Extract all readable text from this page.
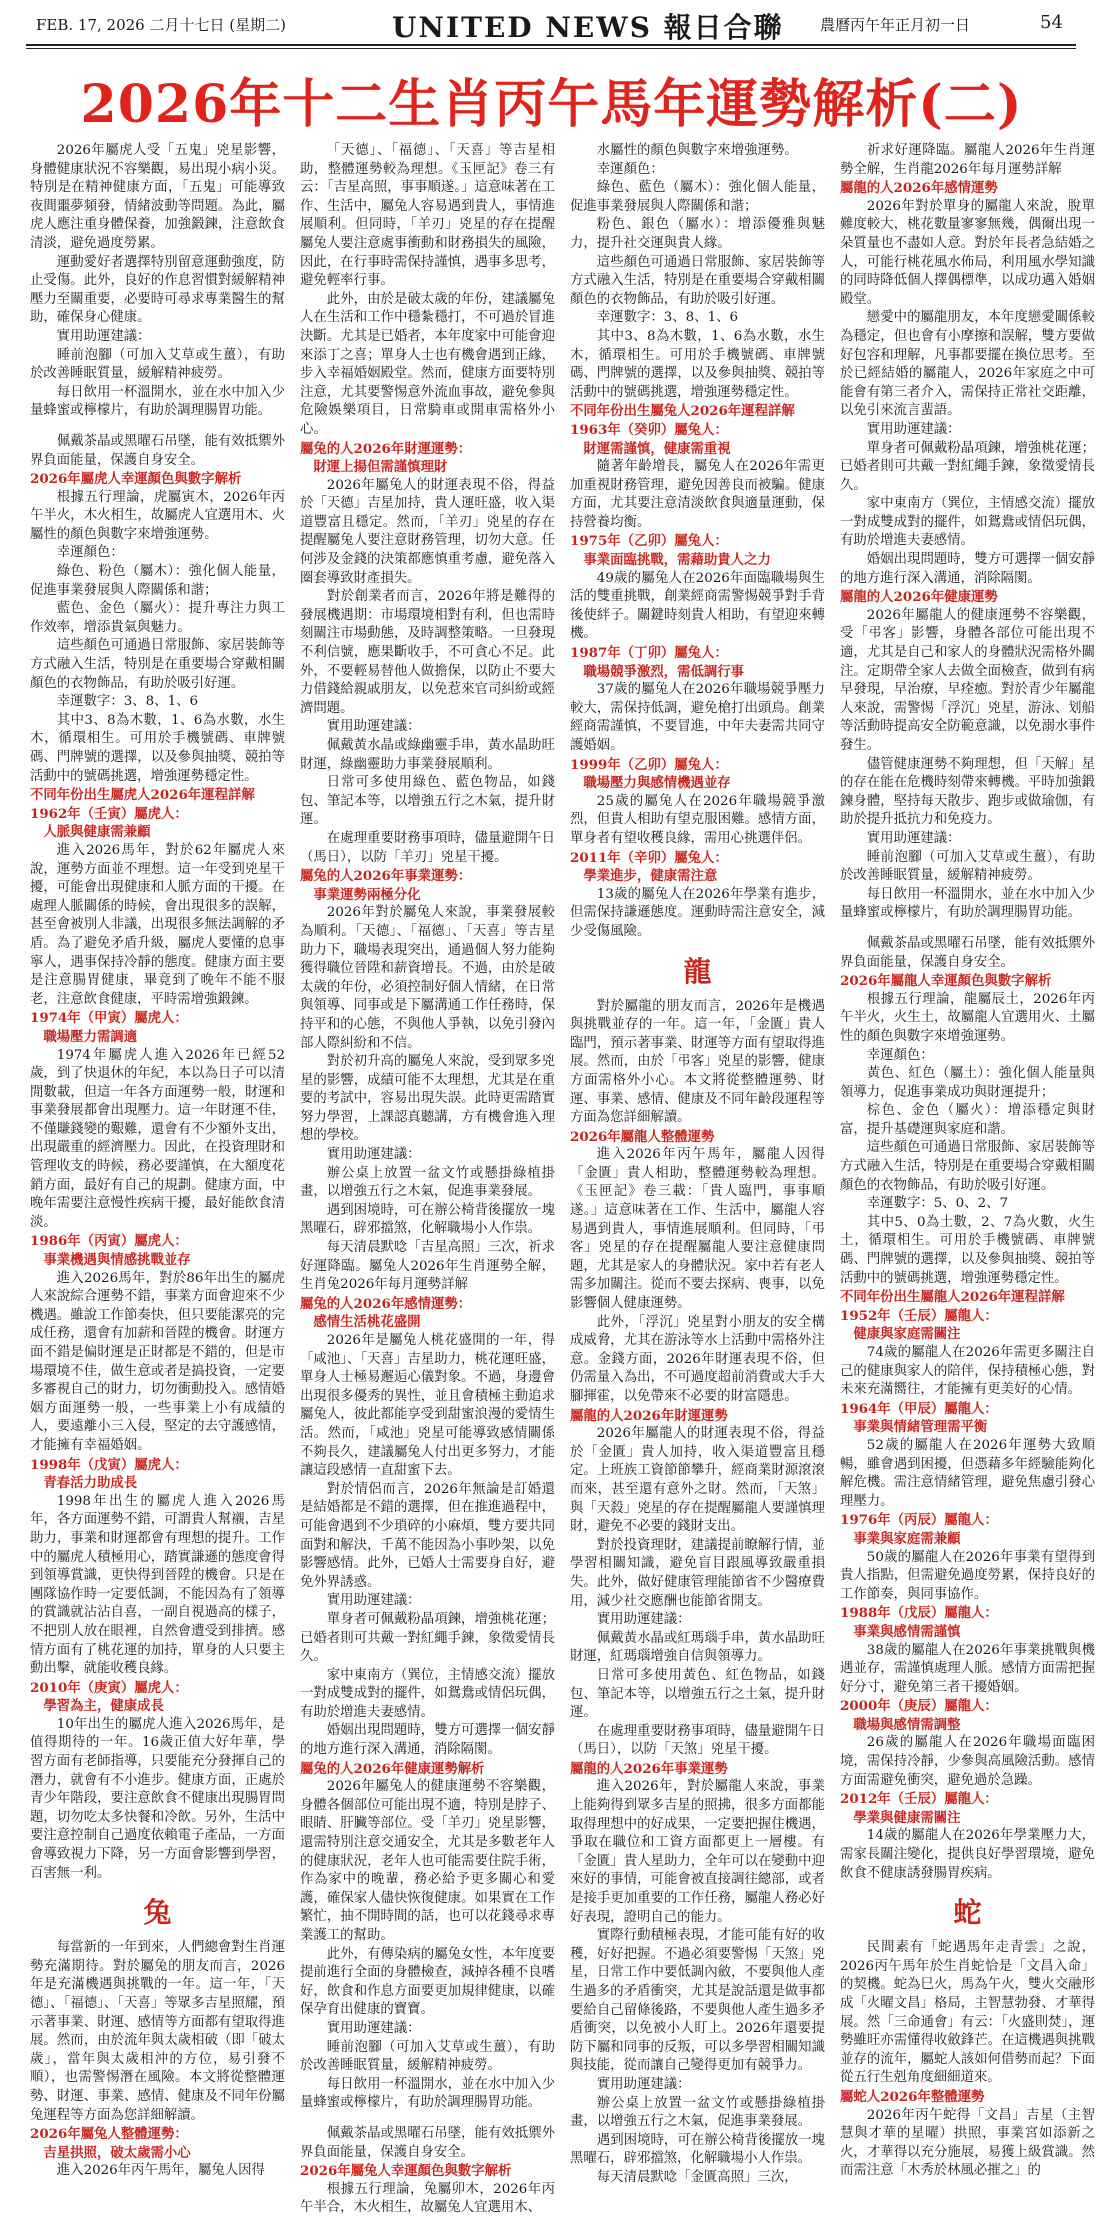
FEB. 17, 2026 二月十七日 (星期二)	UNITED NEWS 報日合聯 農曆丙午年正月初一日	54
2026年十二生肖丙午馬年運勢解析(二)

2026年屬虎人受「五鬼」兇星影響，身體健康狀況不容樂觀，易出現小病小災。特別是在精神健康方面，「五鬼」可能導致夜間噩夢頻發，情緒波動等問題。為此，屬虎人應注重身體保養，加強鍛鍊，注意飲食清淡，避免過度勞累。

運動愛好者選擇特別留意運動強度，防止受傷。此外，良好的作息習慣對緩解精神壓力至關重要，必要時可尋求專業醫生的幫助，確保身心健康。

實用助運建議：

睡前泡腳（可加入艾草或生薑），有助於改善睡眠質量，緩解精神疲勞。

每日飲用一杯溫開水，並在水中加入少量蜂蜜或檸檬片，有助於調理腸胃功能。

佩戴茶晶或黑曜石吊墜，能有效抵禦外界負面能量，保護自身安全。

2026年屬虎人幸運顏色與數字解析

根據五行理論，虎屬寅木，2026年丙午半火，木火相生，故屬虎人宜選用木、火屬性的顏色與數字來增強運勢。

幸運顏色：

綠色、粉色（屬木）：強化個人能量，促進事業發展與人際關係和諧；

藍色、金色（屬火）：提升專注力與工作效率，增添貴氣與魅力。

這些顏色可通過日常服飾、家居裝飾等方式融入生活，特別是在重要場合穿戴相關顏色的衣物飾品，有助於吸引好運。

幸運數字：3、8、1、6

其中3、8為木數，1、6為水數，水生木，循環相生。可用於手機號碼、車牌號碼、門牌號的選擇，以及參與抽獎、競拍等活動中的號碼挑選，增強運勢穩定性。

不同年份出生屬虎人2026年運程詳解

1962年（壬寅）屬虎人：

人脈與健康需兼顧

進入2026馬年，對於62年屬虎人來說，運勢方面並不理想。這一年受到兇星干擾，可能會出現健康和人脈方面的干擾。在處理人脈關係的時候，會出現很多的誤解，甚至會被別人非議，出現很多無法調解的矛盾。為了避免矛盾升級，屬虎人要懂的息事寧人，遇事保持冷靜的態度。健康方面主要是注意腸胃健康，畢竟到了晚年不能不服老，注意飲食健康，平時需增強鍛鍊。

1974年（甲寅）屬虎人：

職場壓力需調適

1974年屬虎人進入2026年已經52歲，到了快退休的年紀，本以為日子可以清閒數載，但這一年各方面運勢一般，財運和事業發展都會出現壓力。這一年財運不佳，不僅賺錢變的艱難，還會有不少額外支出，出現嚴重的經濟壓力。因此，在投資理財和管理收支的時候，務必要謹慎，在大額度花銷方面，最好有自己的規劃。健康方面，中晚年需要注意慢性疾病干擾，最好能飲食清淡。

1986年（丙寅）屬虎人：

事業機遇與情感挑戰並存

進入2026馬年，對於86年出生的屬虎人來說綜合運勢不錯，事業方面會迎來不少機遇。雖說工作節奏快，但只要能潔亮的完成任務，還會有加薪和晉陞的機會。財運方面不錯是偏財運是正財都是不錯的，但是市場環境不佳，做生意或者是搞投資，一定要多審視自己的財力，切勿衝動投入。感情婚姻方面運勢一般，一些事業上小有成績的人，要遠離小三入侵，堅定的去守護感情，才能擁有幸福婚姻。

1998年（戊寅）屬虎人：

青春活力助成長

1998年出生的屬虎人進入2026馬年，各方面運勢不錯，可謂貴人幫襯，吉星助力，事業和財運都會有理想的提升。工作中的屬虎人積極用心，踏實謙遜的態度會得到領導賞識，更快得到晉陞的機會。只是在團隊協作時一定要低調，不能因為有了領導的賞識就沾沾自喜，一副自視過高的樣子，不把別人放在眼裡，自然會遭受到排擠。感情方面有了桃花運的加持，單身的人只要主動出擊，就能收穫良緣。

2010年（庚寅）屬虎人：

學習為主，健康成長

10年出生的屬虎人進入2026馬年，是值得期待的一年。16歲正值大好年華，學習方面有老師指導，只要能充分發揮自己的潛力，就會有不小進步。健康方面，正處於青少年階段，要注意飲食不健康出現腸胃問題，切勿吃太多快餐和冷飲。另外，生活中要注意控制自己過度依賴電子產品，一方面會導致視力下降，另一方面會影響到學習，百害無一利。

兔

每當新的一年到來，人們總會對生肖運勢充滿期待。對於屬兔的朋友而言，2026年是充滿機遇與挑戰的一年。這一年，「天德」、「福德」、「天喜」等眾多吉星照耀，預示著事業、財運、感情等方面都有望取得進展。然而，由於流年與太歲相破（即「破太歲」，當年與太歲相沖的方位，易引發不順），也需警惕潛在風險。本文將從整體運勢、財運、事業、感情、健康及不同年份屬兔運程等方面為您詳細解讀。

2026年屬兔人整體運勢：

吉星拱照，破太歲需小心

進入2026年丙午馬年，屬兔人因得

「天德」、「福德」、「天喜」等吉星相助，整體運勢較為理想。《玉匣記》卷三有云：「吉星高照，事事順遂。」這意味著在工作、生活中，屬兔人容易遇到貴人，事情進展順利。但同時，「羊刃」兇星的存在提醒屬兔人要注意處事衝動和財務損失的風險，因此，在行事時需保持謹慎，遇事多思考，避免輕率行事。

此外，由於是破太歲的年份，建議屬兔人在生活和工作中穩紮穩打，不可過於冒進決斷。尤其是已婚者，本年度家中可能會迎來添丁之喜；單身人士也有機會遇到正緣，步入幸福婚姻殿堂。然而，健康方面要特別注意，尤其要警惕意外流血事故，避免參與危險娛樂項目，日常騎車或開車需格外小心。

屬兔的人2026年財運運勢：

財運上揚但需謹慎理財

2026年屬兔人的財運表現不俗，得益於「天德」吉星加持，貴人運旺盛，收入渠道豐富且穩定。然而，「羊刃」兇星的存在提醒屬兔人要注意財務管理，切勿大意。任何涉及金錢的決策都應慎重考慮，避免落入圈套導致財產損失。

對於創業者而言，2026年將是難得的發展機遇期：市場環境相對有利，但也需時刻關注市場動態，及時調整策略。一旦發現不利信號，應果斷收手，不可貪心不足。此外，不要輕易替他人做擔保，以防止不要大力借錢給親戚朋友，以免惹來官司糾紛或經濟問題。

實用助運建議：

佩戴黃水晶或綠幽靈手串，黃水晶助旺財運，綠幽靈助力事業發展順利。

日常可多使用綠色、藍色物品，如錢包、筆記本等，以增強五行之木氣，提升財運。

在處理重要財務事項時，儘量避開午日（馬日），以防「羊刃」兇星干擾。

屬兔的人2026年事業運勢：

事業運勢兩極分化

2026年對於屬兔人來說，事業發展較為順利。「天德」、「福德」、「天喜」等吉星助力下，職場表現突出，通過個人努力能夠獲得職位晉陞和薪資增長。不過，由於是破太歲的年份，必須控制好個人情緒，在日常與領導、同事或是下屬溝通工作任務時，保持平和的心態，不與他人爭執，以免引發內部人際糾紛和不信。

對於初升高的屬兔人來說，受到眾多兇星的影響，成績可能不太理想，尤其是在重要的考試中，容易出現失誤。此時更需踏實努力學習，上課認真聽講，方有機會進入理想的學校。

實用助運建議：

辦公桌上放置一盆文竹或懸掛綠植掛畫，以增強五行之木氣，促進事業發展。

遇到困境時，可在辦公椅背後擺放一塊黑曜石，辟邪擋煞，化解職場小人作祟。

每天清晨默唸「吉星高照」三次，祈求好運降臨。屬兔人2026年生肖運勢全解，生肖兔2026年每月運勢詳解

屬兔的人2026年感情運勢：

感情生活桃花盛開

2026年是屬兔人桃花盛開的一年，得「咸池」、「天喜」吉星助力，桃花運旺盛，單身人士極易邂逅心儀對象。不過，身邊會出現很多優秀的異性，並且會積極主動追求屬兔人，彼此都能享受到甜蜜浪漫的愛情生活。然而，「咸池」兇星可能導致感情關係不夠長久，建議屬兔人付出更多努力，才能讓這段感情一直甜蜜下去。

對於情侶而言，2026年無論是訂婚還是結婚都是不錯的選擇，但在推進過程中，可能會遇到不少瑣碎的小麻煩，雙方要共同面對和解決，千萬不能因為小事吵架，以免影響感情。此外，已婚人士需要身自好，避免外界誘惑。

實用助運建議：

單身者可佩戴粉晶項鍊，增強桃花運；已婚者則可共戴一對紅繩手鍊，象徵愛情長久。

家中東南方（巽位，主情感交流）擺放一對成雙成對的擺件，如鴛鴦或情侶玩偶，有助於增進夫妻感情。

婚姻出現問題時，雙方可選擇一個安靜的地方進行深入溝通，消除隔閡。

屬兔的人2026年健康運勢解析

2026年屬兔人的健康運勢不容樂觀，身體各個部位可能出現不適，特別是脖子、眼睛、肝臟等部位。受「羊刃」兇星影響，還需特別注意交通安全，尤其是多數老年人的健康狀況，老年人也可能需要住院手術，作為家中的晚輩，務必給予更多關心和愛護，確保家人儘快恢復健康。如果實在工作繁忙，抽不開時間的話，也可以花錢尋求專業護工的幫助。

此外，有傳染病的屬兔女性，本年度要提前進行全面的身體檢查，減掉各種不良嗜好，飲食和作息方面要更加規律健康，以確保孕育出健康的寶寶。

實用助運建議：

睡前泡腳（可加入艾草或生薑），有助於改善睡眠質量，緩解精神疲勞。

每日飲用一杯溫開水，並在水中加入少量蜂蜜或檸檬片，有助於調理腸胃功能。

佩戴茶晶或黑曜石吊墜，能有效抵禦外界負面能量，保護自身安全。

2026年屬兔人幸運顏色與數字解析

根據五行理論，兔屬卯木，2026年丙午半合，木火相生，故屬兔人宜選用木、

水屬性的顏色與數字來增強運勢。

幸運顏色：

綠色、藍色（屬木）：強化個人能量，促進事業發展與人際關係和諧；

粉色、銀色（屬水）：增添優雅與魅力，提升社交運與貴人緣。

這些顏色可通過日常服飾、家居裝飾等方式融入生活，特別是在重要場合穿戴相關顏色的衣物飾品，有助於吸引好運。

幸運數字：3、8、1、6

其中3、8為木數，1、6為水數，水生木，循環相生。可用於手機號碼、車牌號碼、門牌號的選擇，以及參與抽獎、競拍等活動中的號碼挑選，增強運勢穩定性。

不同年份出生屬兔人2026年運程詳解

1963年（癸卯）屬兔人：

財運需謹慎，健康需重視

隨著年齡增長，屬兔人在2026年需更加重視財務管理，避免因善良而被騙。健康方面，尤其要注意清淡飲食與適量運動，保持營養均衡。

1975年（乙卯）屬兔人：

事業面臨挑戰，需藉助貴人之力

49歲的屬兔人在2026年面臨職場與生活的雙重挑戰，創業經商需警惕競爭對手背後使絆子。關鍵時刻貴人相助，有望迎來轉機。

1987年（丁卯）屬兔人：

職場競爭激烈，需低調行事

37歲的屬兔人在2026年職場競爭壓力較大，需保持低調，避免槍打出頭鳥。創業經商需謹慎，不要冒進，中年夫妻需共同守護婚姻。

1999年（乙卯）屬兔人：

職場壓力與感情機遇並存

25歲的屬兔人在2026年職場競爭激烈，但貴人相助有望克服困難。感情方面，單身者有望收穫良緣，需用心挑選伴侶。

2011年（辛卯）屬兔人：

學業進步，健康需注意

13歲的屬兔人在2026年學業有進步，但需保持謙遜態度。運動時需注意安全，減少受傷風險。

龍

對於屬龍的朋友而言，2026年是機遇與挑戰並存的一年。這一年，「金匱」貴人臨門，預示著事業、財運等方面有望取得進展。然而，由於「弔客」兇星的影響，健康方面需格外小心。本文將從整體運勢、財運、事業、感情、健康及不同年齡段運程等方面為您詳細解讀。

2026年屬龍人整體運勢

進入2026年丙午馬年，屬龍人因得「金匱」貴人相助，整體運勢較為理想。《玉匣記》卷三載：「貴人臨門，事事順遂。」這意味著在工作、生活中，屬龍人容易遇到貴人，事情進展順利。但同時，「弔客」兇星的存在提醒屬龍人要注意健康問題，尤其是家人的身體狀況。家中若有老人需多加關注。從而不要去探病、喪事，以免影響個人健康運勢。

此外，「浮沉」兇星對小朋友的安全構成威脅，尤其在游泳等水上活動中需格外注意。金錢方面，2026年財運表現不俗，但仍需量入為出，不可過度超前消費或大手大腳揮霍，以免帶來不必要的財富隱患。

屬龍的人2026年財運運勢

2026年屬龍人的財運表現不俗，得益於「金匱」貴人加持，收入渠道豐富且穩定。上班族工資節節攀升，經商業財源滾滾而來，甚至還有意外之財。然而，「天煞」與「天殺」兇星的存在提醒屬龍人要謹慎理財，避免不必要的錢財支出。

對於投資理財，建議提前瞭解行情，並學習相關知識，避免盲目跟風導致嚴重損失。此外，做好健康管理能節省不少醫療費用，減少社交應酬也能節省開支。

實用助運建議：

佩戴黃水晶或紅瑪瑙手串，黃水晶助旺財運，紅瑪瑙增強自信與領導力。

日常可多使用黃色、紅色物品，如錢包、筆記本等，以增強五行之土氣，提升財運。

在處理重要財務事項時，儘量避開午日（馬日），以防「天煞」兇星干擾。

屬龍的人2026年事業運勢

進入2026年，對於屬龍人來說，事業上能夠得到眾多吉星的照拂，很多方面都能取得理想中的好成果，一定要把握住機遇，爭取在職位和工資方面都更上一層樓。有「金匱」貴人星助力，全年可以在變動中迎來好的事情，可能會被直接調往總部，或者是接手更加重要的工作任務，屬龍人務必好好表現，證明自己的能力。

實際行動積極表現，才能可能有好的收穫，好好把握。不過必須要警惕「天煞」兇星，日常工作中要低調內斂，不要與他人產生過多的矛盾衝突，尤其是說話還是做事都要給自己留條後路，不要與他人產生過多矛盾衝突，以免被小人盯上。2026年還要提防下屬和同事的反叛，可以多學習相關知識與技能，從而讓自己變得更加有競爭力。

實用助運建議：

辦公桌上放置一盆文竹或懸掛綠植掛畫，以增強五行之木氣，促進事業發展。

遇到困境時，可在辦公椅背後擺放一塊黑曜石，辟邪擋煞，化解職場小人作祟。

每天清晨默唸「金匱高照」三次，

祈求好運降臨。屬龍人2026年生肖運勢全解，生肖龍2026年每月運勢詳解

屬龍的人2026年感情運勢

2026年對於單身的屬龍人來說，脫單難度較大，桃花數量寥寥無幾，偶爾出現一朵質量也不盡如人意。對於年長者急結婚之人，可能行桃花風水佈局，利用風水學知識的同時降低個人擇偶標準，以成功邁入婚姻殿堂。

戀愛中的屬龍朋友，本年度戀愛關係較為穩定，但也會有小摩擦和誤解，雙方要做好包容和理解，凡事都要擺在換位思考。至於已經結婚的屬龍人，2026年家庭之中可能會有第三者介入，需保持正常社交距離，以免引來流言蜚語。

實用助運建議：

單身者可佩戴粉晶項鍊，增強桃花運；已婚者則可共戴一對紅繩手鍊，象徵愛情長久。

家中東南方（巽位，主情感交流）擺放一對成雙成對的擺件，如鴛鴦或情侶玩偶，有助於增進夫妻感情。

婚姻出現問題時，雙方可選擇一個安靜的地方進行深入溝通，消除隔閡。

屬龍的人2026年健康運勢

2026年屬龍人的健康運勢不容樂觀，受「弔客」影響，身體各部位可能出現不適，尤其是自己和家人的身體狀況需格外關注。定期帶全家人去做全面檢查，做到有病早發現，早治療，早痊癒。對於青少年屬龍人來說，需警惕「浮沉」兇星，游泳、划船等活動時提高安全防範意識，以免溺水事件發生。

儘管健康運勢不夠理想，但「天解」星的存在能在危機時刻帶來轉機。平時加強鍛鍊身體，堅持每天散步、跑步或做瑜伽，有助於提升抵抗力和免疫力。

實用助運建議：

睡前泡腳（可加入艾草或生薑），有助於改善睡眠質量，緩解精神疲勞。

每日飲用一杯溫開水，並在水中加入少量蜂蜜或檸檬片，有助於調理腸胃功能。

佩戴茶晶或黑曜石吊墜，能有效抵禦外界負面能量，保護自身安全。

2026年屬龍人幸運顏色與數字解析

根據五行理論，龍屬辰土，2026年丙午半火，火生土，故屬龍人宜選用火、土屬性的顏色與數字來增強運勢。

幸運顏色：

黃色、紅色（屬土）：強化個人能量與領導力，促進事業成功與財運提升；

棕色、金色（屬火）：增添穩定與財富，提升基礎運與家庭和諧。

這些顏色可通過日常服飾、家居裝飾等方式融入生活，特別是在重要場合穿戴相關顏色的衣物飾品，有助於吸引好運。

幸運數字：5、0、2、7

其中5、0為土數，2、7為火數，火生土，循環相生。可用於手機號碼、車牌號碼、門牌號的選擇，以及參與抽獎、競拍等活動中的號碼挑選，增強運勢穩定性。

不同年份出生屬龍人2026年運程詳解

1952年（壬辰）屬龍人：

健康與家庭需關注

74歲的屬龍人在2026年需更多關注自己的健康與家人的陪伴，保持積極心態，對未來充滿嚮往，才能擁有更美好的心情。

1964年（甲辰）屬龍人：

事業與情緒管理需平衡

52歲的屬龍人在2026年運勢大致順暢，雖會遇到困擾，但憑藉多年經驗能夠化解危機。需注意情緒管理，避免焦慮引發心理壓力。

1976年（丙辰）屬龍人：

事業與家庭需兼顧

50歲的屬龍人在2026年事業有望得到貴人指點，但需避免過度勞累，保持良好的工作節奏，與同事協作。

1988年（戊辰）屬龍人：

事業與感情需謹慎

38歲的屬龍人在2026年事業挑戰與機遇並存，需謹慎處理人脈。感情方面需把握好分寸，避免第三者干擾婚姻。

2000年（庚辰）屬龍人：

職場與感情需調整

26歲的屬龍人在2026年職場面臨困境，需保持冷靜，少參與高風險活動。感情方面需避免衝突，避免過於急躁。

2012年（壬辰）屬龍人：

學業與健康需關注

14歲的屬龍人在2026年學業壓力大，需家長關注變化，提供良好學習環境，避免飲食不健康誘發腸胃疾病。

蛇

民間素有「蛇遇馬年走青雲」之說，2026丙午馬年於生肖蛇恰是「文昌入命」的契機。蛇為巳火，馬為午火，雙火交融形成「火曜文昌」格局，主智慧勃發、才華得展。然「三命通會」有云：「火盛則焚」，運勢雖旺亦需懂得收斂鋒芒。在這機遇與挑戰並存的流年，屬蛇人該如何借勢而起？下面從五行生剋角度細細道來。

屬蛇人2026年整體運勢

2026年丙午蛇得「文昌」吉星（主智慧與才華的星曜）拱照，事業宮如添新之火，才華得以充分施展，易獲上級賞識。然而需注意「木秀於林風必摧之」的
